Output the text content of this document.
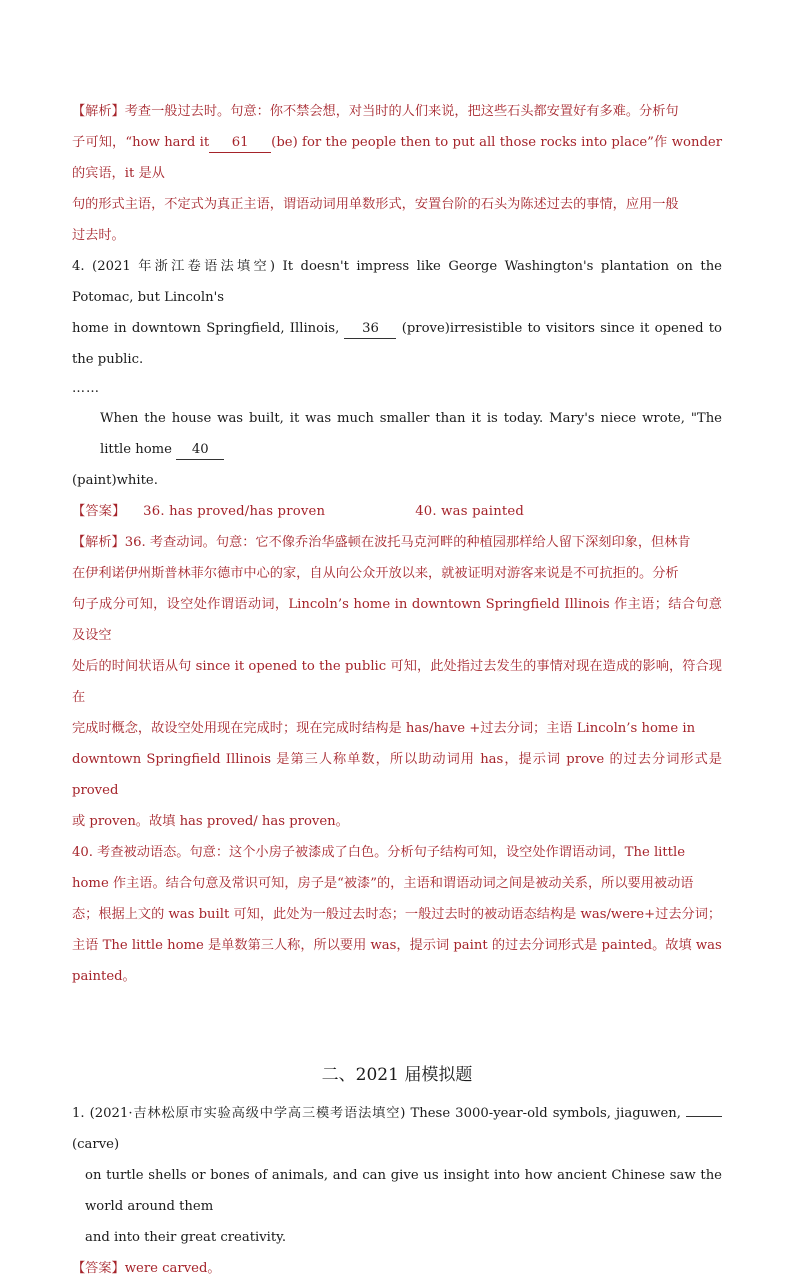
【解析】考查一般过去时。句意：你不禁会想，对当时的人们来说，把这些石头都安置好有多难。分析句

子可知，“how hard it 61 (be) for the people then to put all those rocks into place”作 wonder 的宾语，it 是从

句的形式主语，不定式为真正主语，谓语动词用单数形式，安置台阶的石头为陈述过去的事情，应用一般

过去时。

4. (2021 年浙江卷语法填空) It doesn't impress like George Washington's plantation on the Potomac, but Lincoln's

home in downtown Springfield, Illinois, 36 (prove)irresistible to visitors since it opened to the public.

……

When the house was built, it was much smaller than it is today. Mary's niece wrote, "The little home 40

(paint)white.

【答案】 36. has proved/has proven	40. was painted

【解析】36. 考查动词。句意：它不像乔治华盛顿在波托马克河畔的种植园那样给人留下深刻印象，但林肯

在伊利诺伊州斯普林菲尔德市中心的家，自从向公众开放以来，就被证明对游客来说是不可抗拒的。分析

句子成分可知，设空处作谓语动词，Lincoln’s home in downtown Springfield Illinois 作主语；结合句意及设空

处后的时间状语从句 since it opened to the public 可知，此处指过去发生的事情对现在造成的影响，符合现在

完成时概念，故设空处用现在完成时；现在完成时结构是 has/have +过去分词；主语 Lincoln’s home in

downtown Springfield Illinois 是第三人称单数，所以助动词用 has，提示词 prove 的过去分词形式是 proved

或 proven。故填 has proved/ has proven。

40. 考查被动语态。句意：这个小房子被漆成了白色。分析句子结构可知，设空处作谓语动词，The little

home 作主语。结合句意及常识可知，房子是“被漆”的，主语和谓语动词之间是被动关系，所以要用被动语

态；根据上文的 was built 可知，此处为一般过去时态；一般过去时的被动语态结构是 was/were+过去分词；

主语 The little home 是单数第三人称，所以要用 was，提示词 paint 的过去分词形式是 painted。故填 was

painted。

二、2021 届模拟题

1. (2021·吉林松原市实验高级中学高三模考语法填空) These 3000-year-old symbols, jiaguwen, (carve)

on turtle shells or bones of animals, and can give us insight into how ancient Chinese saw the world around them

and into their great creativity.

【答案】were carved。
